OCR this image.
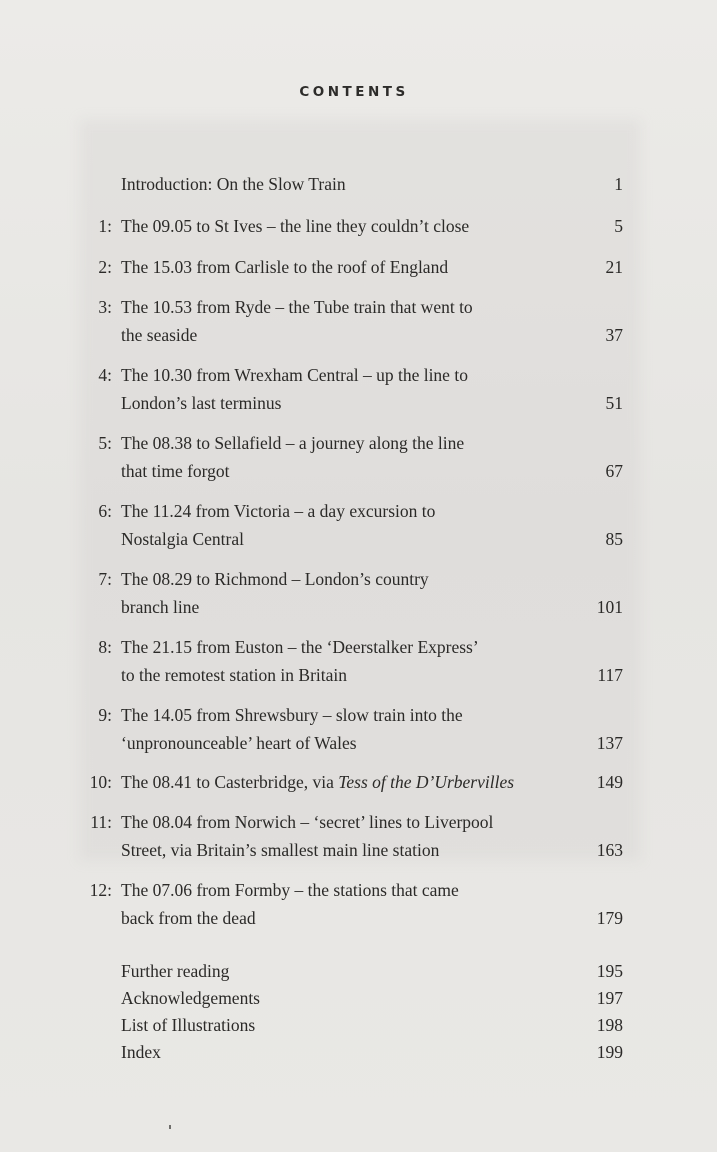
CONTENTS
Introduction: On the Slow Train	1
1: The 09.05 to St Ives – the line they couldn’t close	5
2: The 15.03 from Carlisle to the roof of England	21
3: The 10.53 from Ryde – the Tube train that went to
the seaside	37
4: The 10.30 from Wrexham Central – up the line to
London’s last terminus	51
5: The 08.38 to Sellafield – a journey along the line
that time forgot	67
6: The 11.24 from Victoria – a day excursion to
Nostalgia Central	85
7: The 08.29 to Richmond – London’s country
branch line	101
8: The 21.15 from Euston – the ‘Deerstalker Express’
to the remotest station in Britain	117
9: The 14.05 from Shrewsbury – slow train into the
‘unpronounceable’ heart of Wales	137
10: The 08.41 to Casterbridge, via Tess of the D’Urbervilles	149
11: The 08.04 from Norwich – ‘secret’ lines to Liverpool
Street, via Britain’s smallest main line station	163
12: The 07.06 from Formby – the stations that came
back from the dead	179
Further reading	195
Acknowledgements	197
List of Illustrations	198
Index	199
